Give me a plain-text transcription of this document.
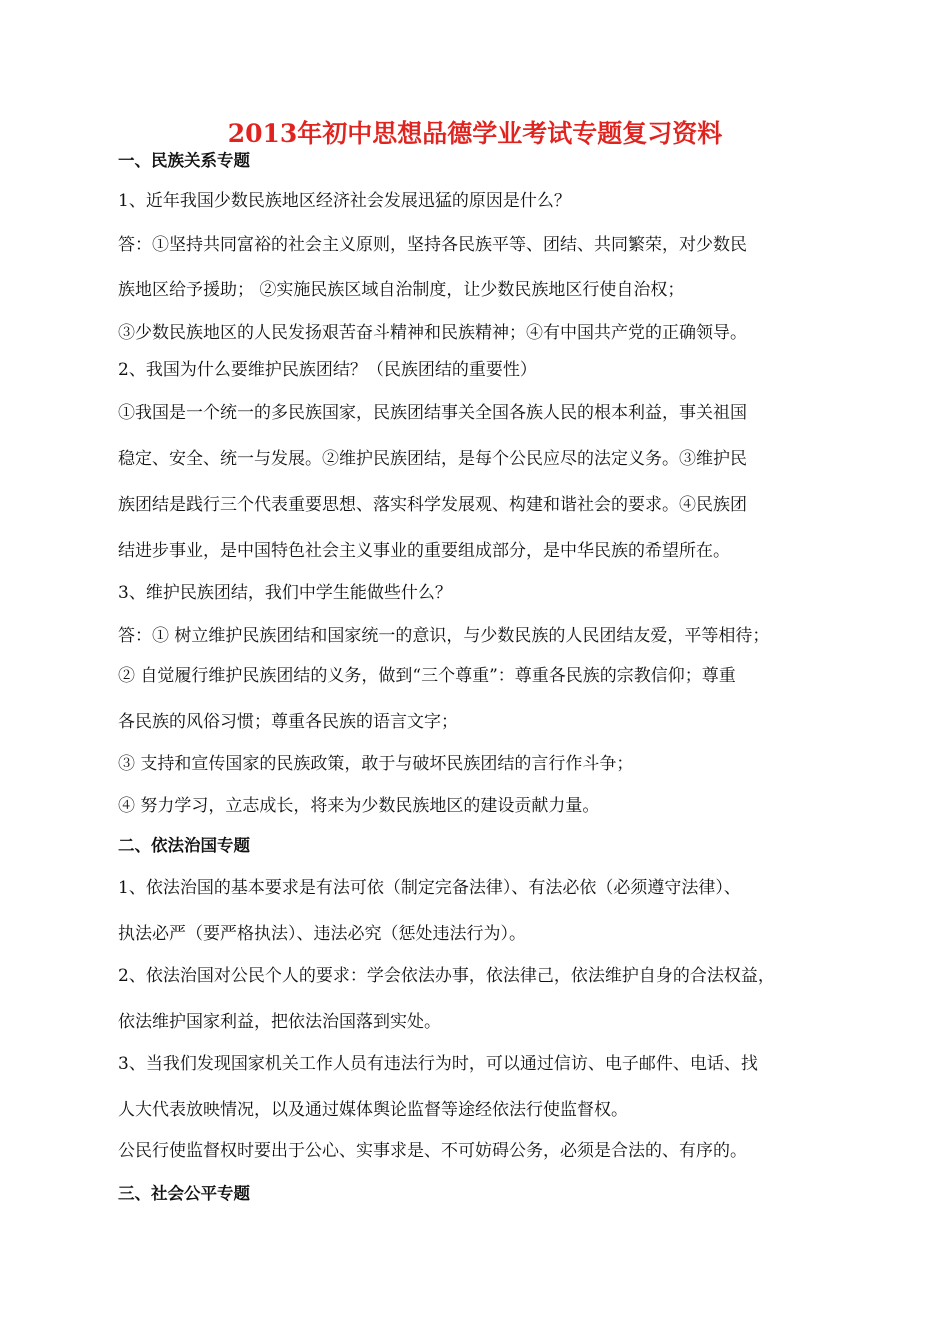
2013年初中思想品德学业考试专题复习资料
一、民族关系专题
1、近年我国少数民族地区经济社会发展迅猛的原因是什么？
答：①坚持共同富裕的社会主义原则，坚持各民族平等、团结、共同繁荣，对少数民
族地区给予援助； ②实施民族区域自治制度，让少数民族地区行使自治权；
③少数民族地区的人民发扬艰苦奋斗精神和民族精神；④有中国共产党的正确领导。
2、我国为什么要维护民族团结？（民族团结的重要性）
①我国是一个统一的多民族国家，民族团结事关全国各族人民的根本利益，事关祖国
稳定、安全、统一与发展。②维护民族团结，是每个公民应尽的法定义务。③维护民
族团结是践行三个代表重要思想、落实科学发展观、构建和谐社会的要求。④民族团
结进步事业，是中国特色社会主义事业的重要组成部分，是中华民族的希望所在。
3、维护民族团结，我们中学生能做些什么？
答：① 树立维护民族团结和国家统一的意识，与少数民族的人民团结友爱，平等相待；
② 自觉履行维护民族团结的义务，做到“三个尊重”：尊重各民族的宗教信仰；尊重
各民族的风俗习惯；尊重各民族的语言文字；
③ 支持和宣传国家的民族政策，敢于与破坏民族团结的言行作斗争；
④ 努力学习，立志成长，将来为少数民族地区的建设贡献力量。
二、依法治国专题
1、依法治国的基本要求是有法可依（制定完备法律）、有法必依（必须遵守法律）、
执法必严（要严格执法）、违法必究（惩处违法行为）。
2、依法治国对公民个人的要求：学会依法办事，依法律己，依法维护自身的合法权益，
依法维护国家利益，把依法治国落到实处。
3、当我们发现国家机关工作人员有违法行为时，可以通过信访、电子邮件、电话、找
人大代表放映情况，以及通过媒体舆论监督等途经依法行使监督权。
公民行使监督权时要出于公心、实事求是、不可妨碍公务，必须是合法的、有序的。
三、社会公平专题
